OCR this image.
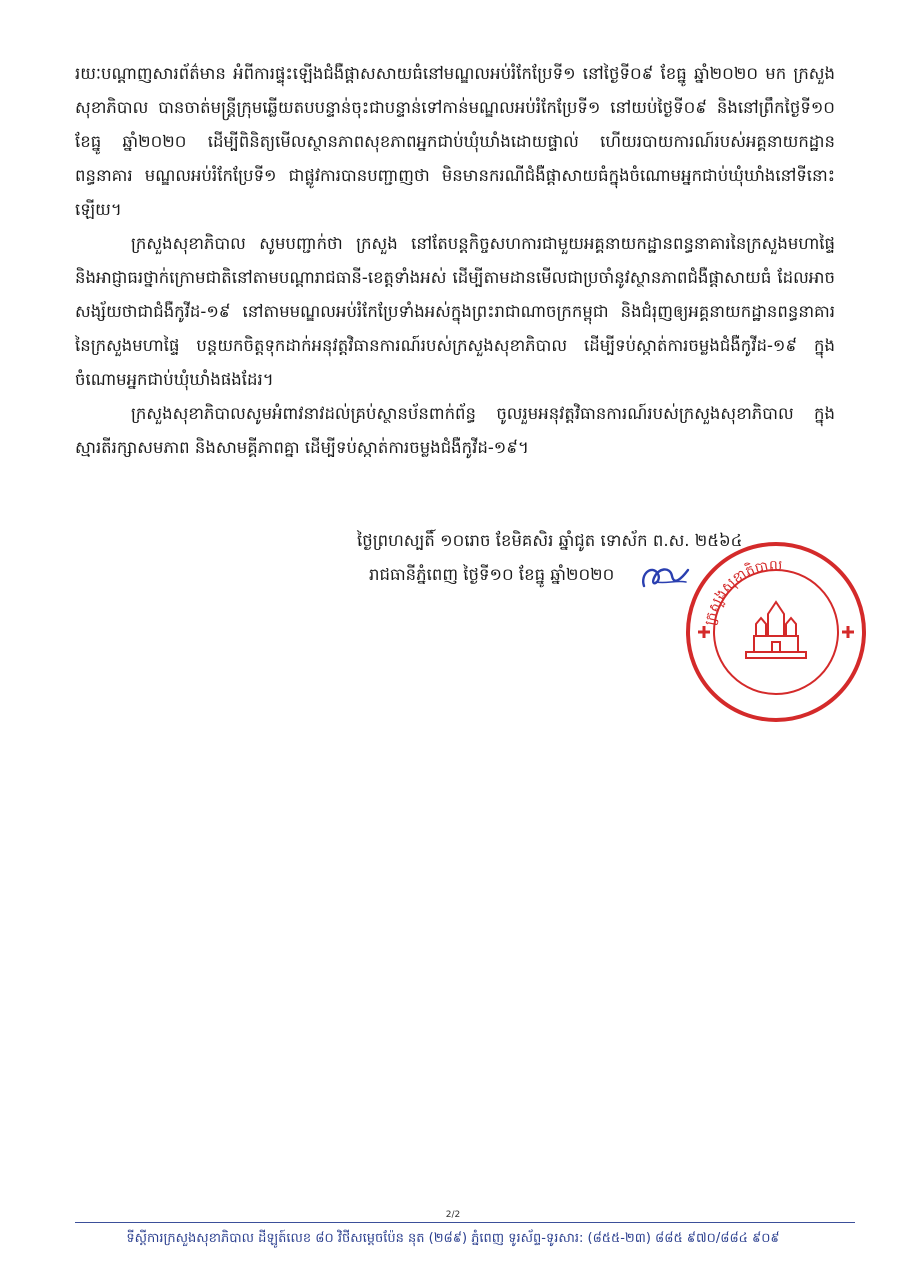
រយៈបណ្ដាញសារព័ត៌មាន អំពីការផ្ទុះឡើងជំងឺផ្ដាសសាយធំនៅមណ្ឌលអប់រំកែប្រែទី១ នៅថ្ងៃទី០៩ ខែធ្នូ ឆ្នាំ២០២០ មក ក្រសួងសុខាភិបាល បានចាត់មន្ត្រីក្រុមឆ្លើយតបបន្ទាន់ចុះជាបន្ទាន់ទៅកាន់មណ្ឌលអប់រំកែប្រែទី១ នៅយប់ថ្ងៃទី០៩ និងនៅព្រឹកថ្ងៃទី១០ ខែធ្នូ ឆ្នាំ២០២០ ដើម្បីពិនិត្យមើលស្ថានភាពសុខភាពអ្នកជាប់ឃុំឃាំងដោយផ្ទាល់ ហើយរបាយការណ៍របស់អគ្គនាយកដ្ឋានពន្ធនាគារ មណ្ឌលអប់រំកែប្រែទី១ ជាផ្លូវការបានបញ្ជាញថា មិនមានករណីជំងឺផ្ដាសាយធំក្នុងចំណោមអ្នកជាប់ឃុំឃាំងនៅទីនោះឡើយ។

ក្រសួងសុខាភិបាល សូមបញ្ជាក់ថា ក្រសួង នៅតែបន្តកិច្ចសហការជាមួយអគ្គនាយកដ្ឋានពន្ធនាគារនៃក្រសួងមហាផ្ទៃ និងអាជ្ញាធរថ្នាក់ក្រោមជាតិនៅតាមបណ្ដារាជធានី-ខេត្តទាំងអស់ ដើម្បីតាមដានមើលជាប្រចាំនូវស្ថានភាពជំងឺផ្ដាសាយធំ ដែលអាចសង្ស័យថាជាជំងឺកូវីដ-១៩ នៅតាមមណ្ឌលអប់រំកែប្រែទាំងអស់ក្នុងព្រះរាជាណាចក្រកម្ពុជា និងជំរុញឲ្យអគ្គនាយកដ្ឋានពន្ធនាគារនៃក្រសួងមហាផ្ទៃ បន្តយកចិត្តទុកដាក់អនុវត្តវិធានការណ៍របស់ក្រសួងសុខាភិបាល ដើម្បីទប់ស្កាត់ការចម្លងជំងឺកូវីដ-១៩ ក្នុងចំណោមអ្នកជាប់ឃុំឃាំងផងដែរ។

ក្រសួងសុខាភិបាលសូមអំពាវនាវដល់គ្រប់ស្ថានប័នពាក់ព័ន្ធ ចូលរួមអនុវត្តវិធានការណ៍របស់ក្រសួងសុខាភិបាល ក្នុងស្មារតីរក្សាសមភាព និងសាមគ្គីភាពគ្នា ដើម្បីទប់ស្កាត់ការចម្លងជំងឺកូវីដ-១៩។

ថ្ងៃព្រហស្បតិ៍ ១០រោច ខែមិគសិរ ឆ្នាំជូត ទោស័ក ព.ស. ២៥៦៤
រាជធានីភ្នំពេញ ថ្ងៃទី១០ ខែធ្នូ ឆ្នាំ២០២០
ក្រសួងសុខាភិបាល
2/2
ទីស្ដីការក្រសួងសុខាភិបាល ដីឡូត៍លេខ ៨០ វិថីសម្ដេចប៉ែន នុត (២៨៩) ភ្នំពេញ ទូរស័ព្ទ-ទូរសារ: (៨៥៥-២៣) ៨៨៥ ៩៧០/៨៨៤ ៩០៩
